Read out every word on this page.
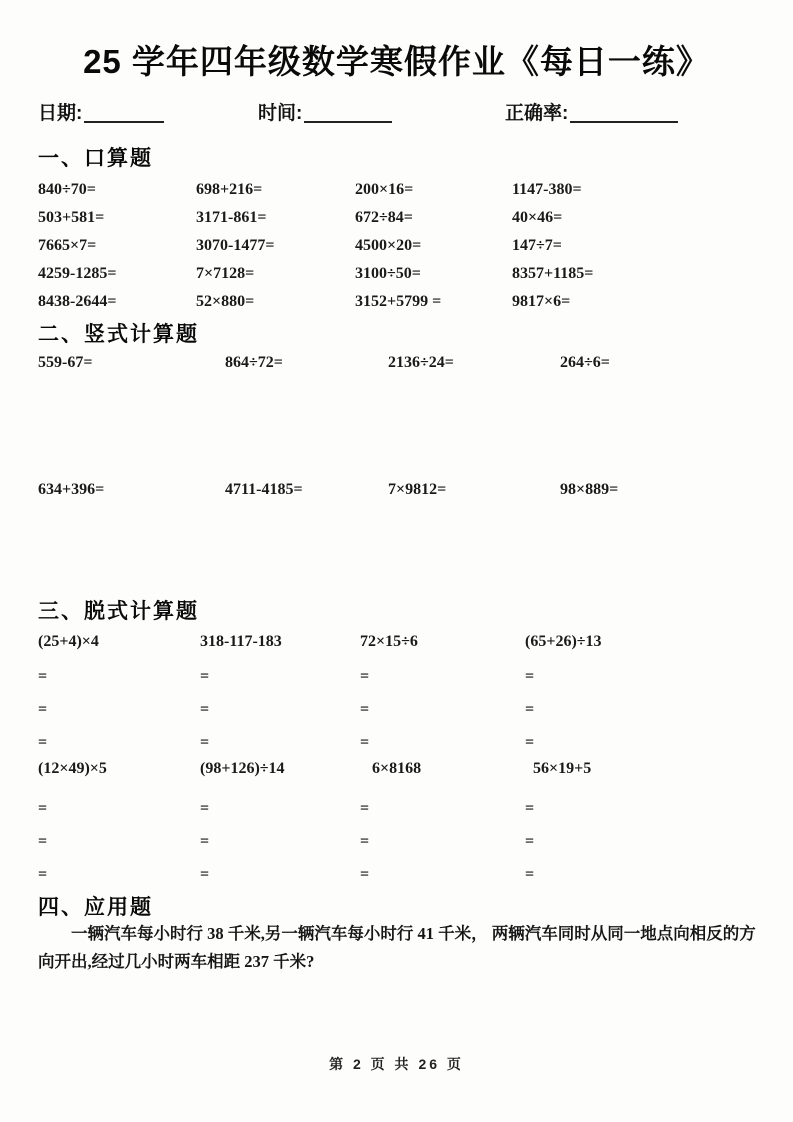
25 学年四年级数学寒假作业《每日一练》
日期:	时间:	正确率:
一、口算题
840÷70=	698+216=	200×16=	1147-380=
503+581=	3171-861=	672÷84=	40×46=
7665×7=	3070-1477=	4500×20=	147÷7=
4259-1285=	7×7128=	3100÷50=	8357+1185=
8438-2644=	52×880=	3152+5799 =	9817×6=
二、竖式计算题
559-67=	864÷72=	2136÷24=	264÷6=
634+396=	4711-4185=	7×9812=	98×889=
三、脱式计算题
(25+4)×4	318-117-183	72×15÷6	(65+26)÷13
=	=	=	=
=	=	=	=
=	=	=	=
(12×49)×5	(98+126)÷14	6×8168	56×19+5
=	=	=	=
=	=	=	=
=	=	=	=
四、应用题
一辆汽车每小时行 38 千米,另一辆汽车每小时行 41 千米， 两辆汽车同时从同一地点向相反的方向开出,经过几小时两车相距 237 千米?
第 2 页 共 26 页
